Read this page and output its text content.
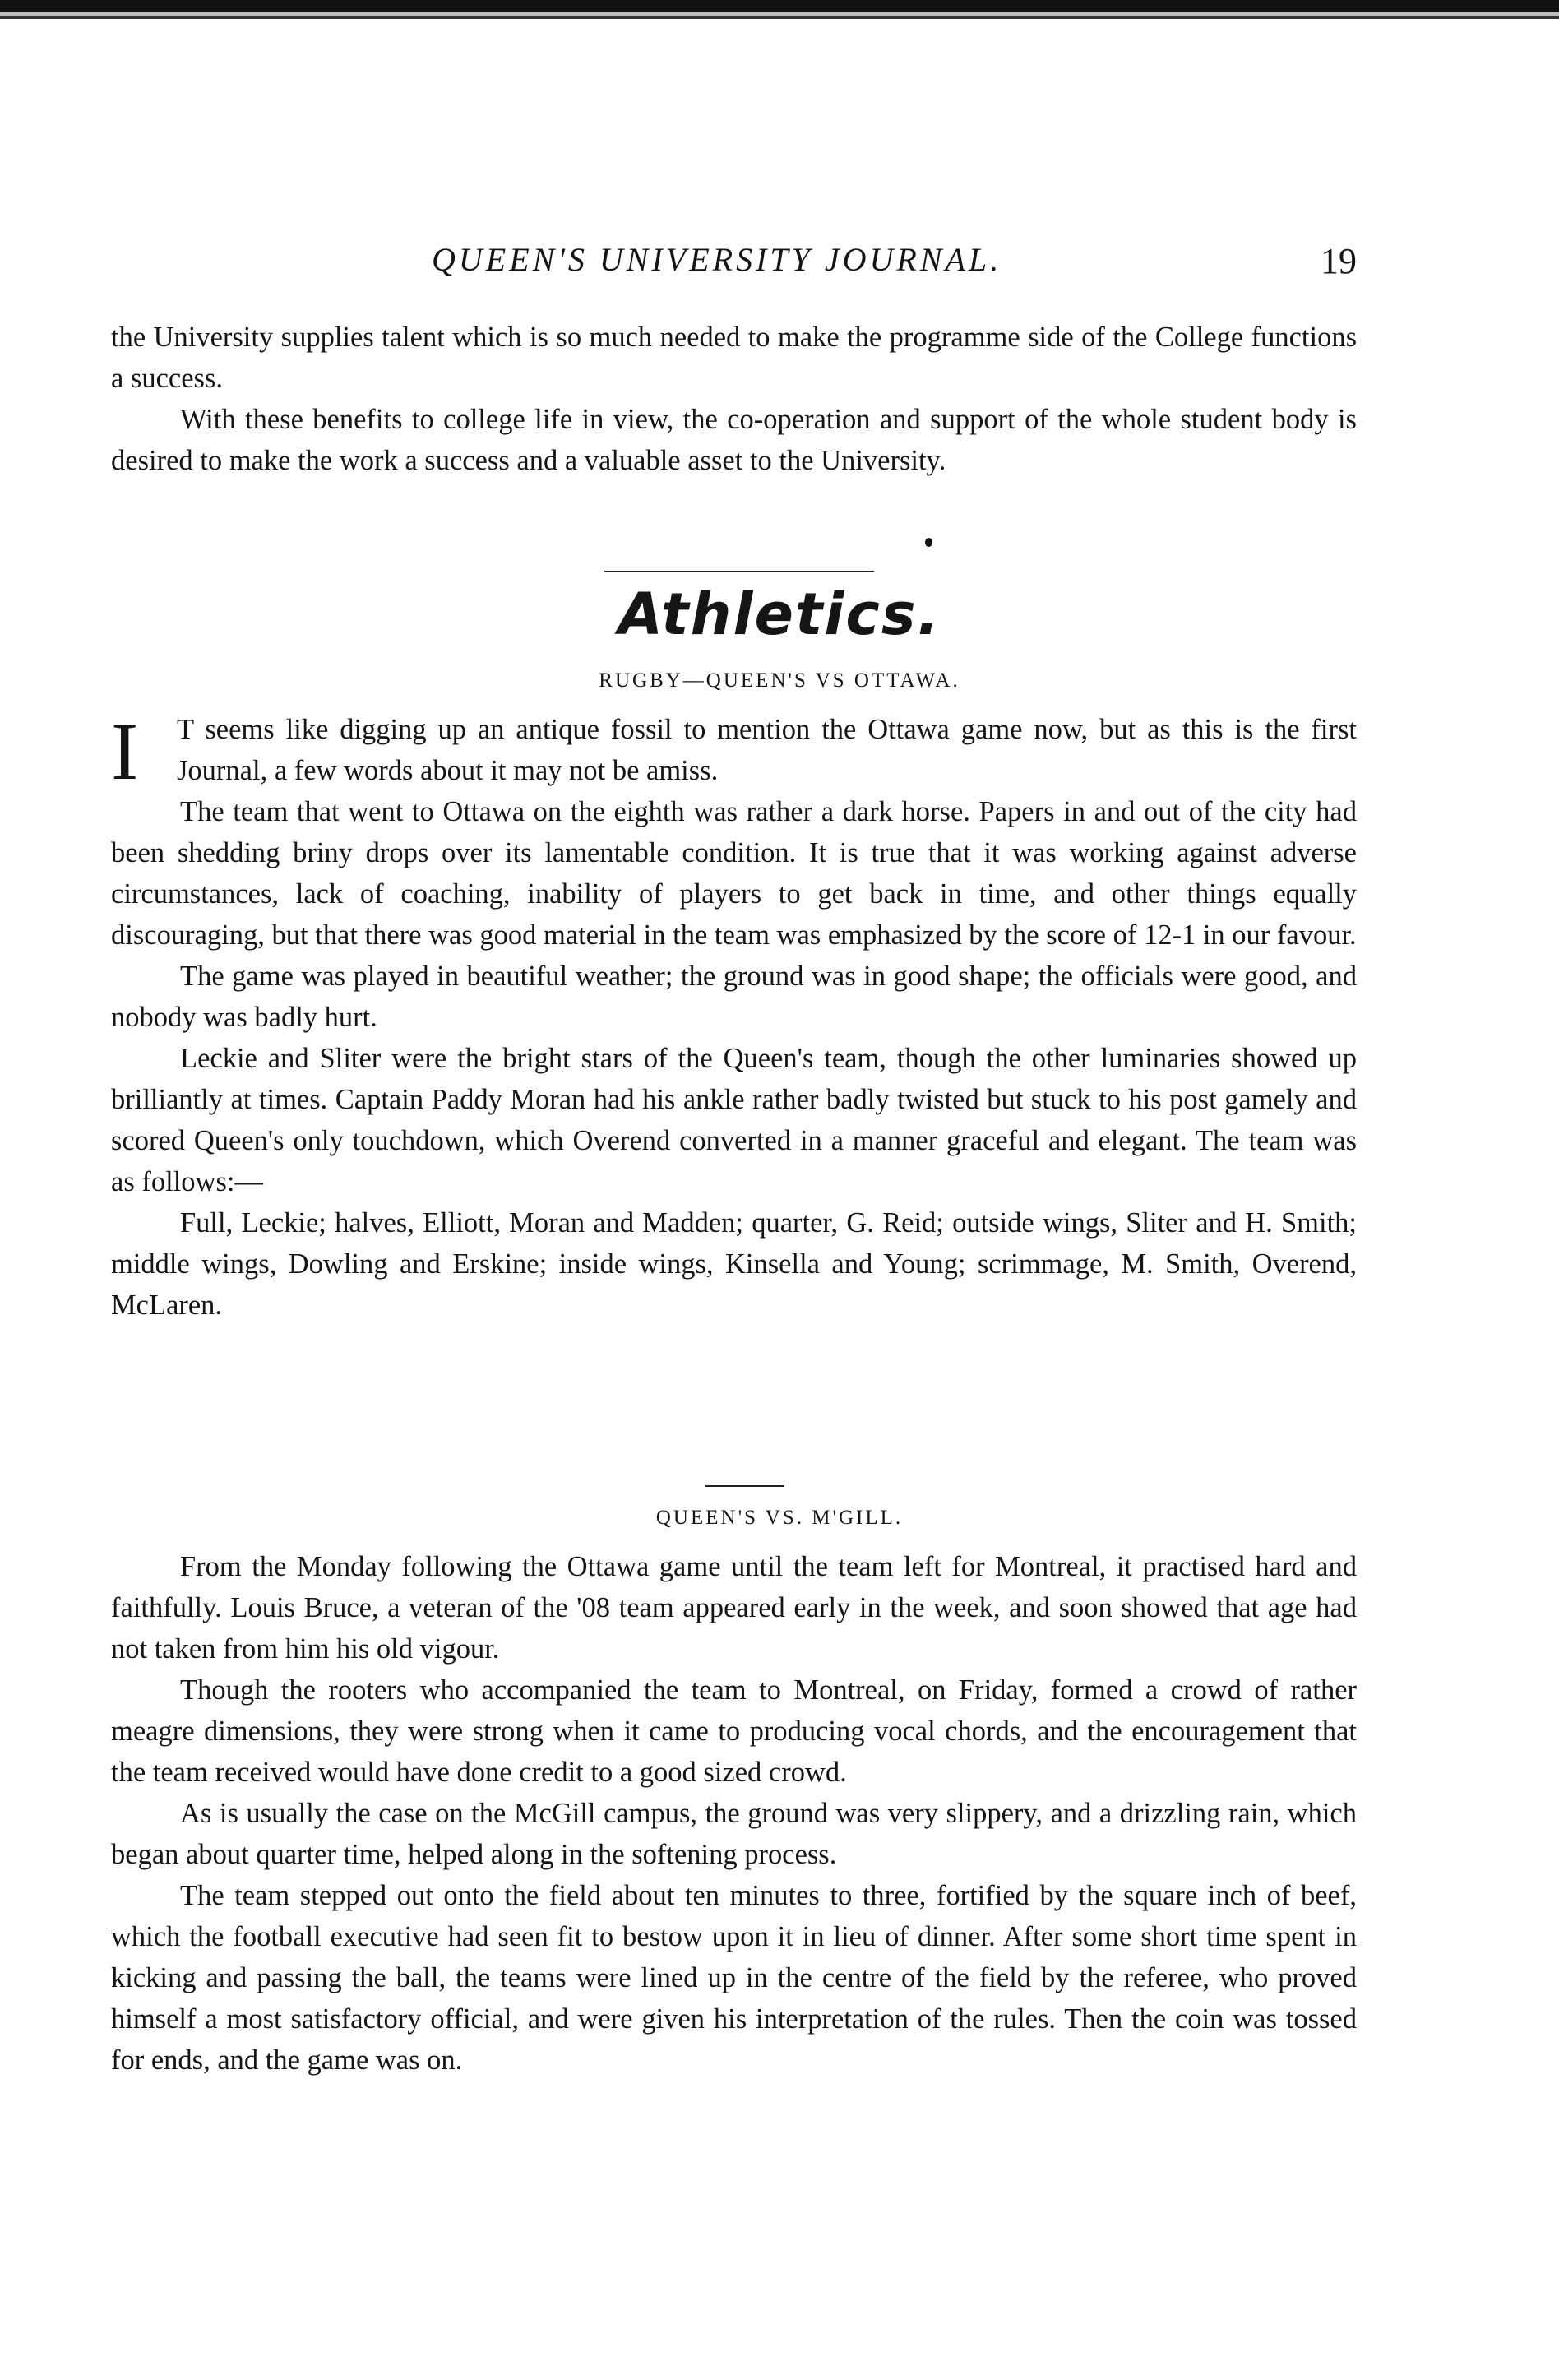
QUEEN'S UNIVERSITY JOURNAL.	19

the University supplies talent which is so much needed to make the programme side of the College functions a success.

With these benefits to college life in view, the co-operation and support of the whole student body is desired to make the work a success and a valuable asset to the University.

Athletics.
RUGBY—QUEEN'S VS OTTAWA.

I	T seems like digging up an antique fossil to mention the Ottawa game now, but as this is the first Journal, a few words about it may not be amiss.

The team that went to Ottawa on the eighth was rather a dark horse. Papers in and out of the city had been shedding briny drops over its lamentable condition. It is true that it was working against adverse circumstances, lack of coaching, inability of players to get back in time, and other things equally discouraging, but that there was good material in the team was emphasized by the score of 12-1 in our favour.

The game was played in beautiful weather; the ground was in good shape; the officials were good, and nobody was badly hurt.

Leckie and Sliter were the bright stars of the Queen's team, though the other luminaries showed up brilliantly at times. Captain Paddy Moran had his ankle rather badly twisted but stuck to his post gamely and scored Queen's only touchdown, which Overend converted in a manner graceful and elegant. The team was as follows:—

Full, Leckie; halves, Elliott, Moran and Madden; quarter, G. Reid; outside wings, Sliter and H. Smith; middle wings, Dowling and Erskine; inside wings, Kinsella and Young; scrimmage, M. Smith, Overend, McLaren.

QUEEN'S VS. M'GILL.

From the Monday following the Ottawa game until the team left for Montreal, it practised hard and faithfully. Louis Bruce, a veteran of the '08 team appeared early in the week, and soon showed that age had not taken from him his old vigour.

Though the rooters who accompanied the team to Montreal, on Friday, formed a crowd of rather meagre dimensions, they were strong when it came to producing vocal chords, and the encouragement that the team received would have done credit to a good sized crowd.

As is usually the case on the McGill campus, the ground was very slippery, and a drizzling rain, which began about quarter time, helped along in the softening process.

The team stepped out onto the field about ten minutes to three, fortified by the square inch of beef, which the football executive had seen fit to bestow upon it in lieu of dinner. After some short time spent in kicking and passing the ball, the teams were lined up in the centre of the field by the referee, who proved himself a most satisfactory official, and were given his interpretation of the rules. Then the coin was tossed for ends, and the game was on.
